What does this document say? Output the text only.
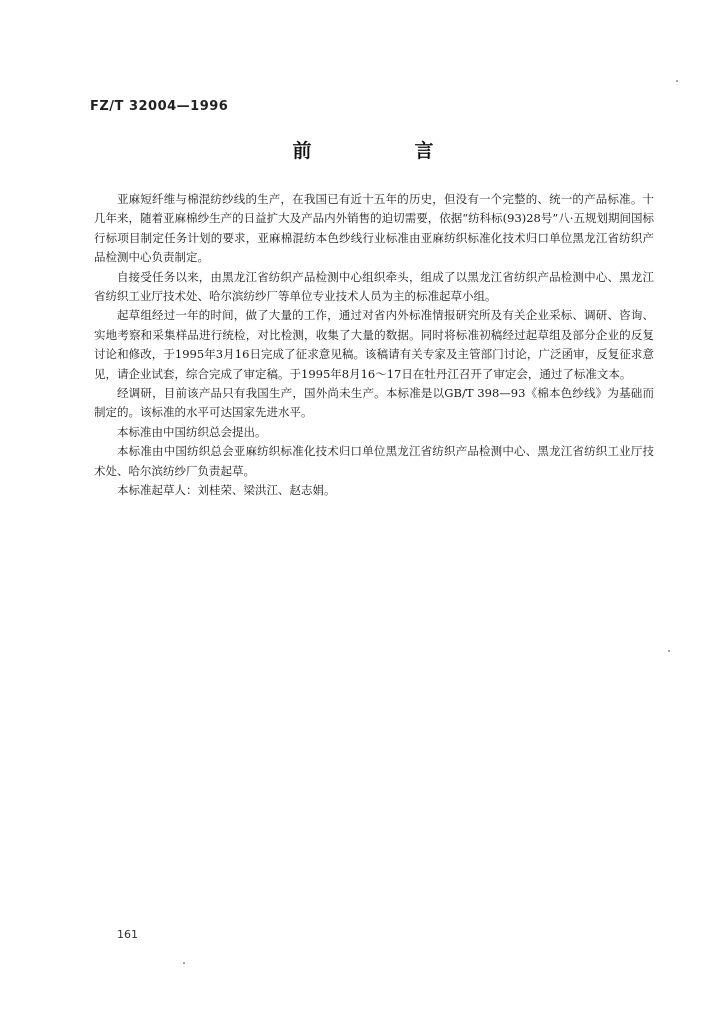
FZ/T 32004—1996
前　言

亚麻短纤维与棉混纺纱线的生产，在我国已有近十五年的历史，但没有一个完整的、统一的产品标准。十几年来，随着亚麻棉纱生产的日益扩大及产品内外销售的迫切需要，依据“纺科标(93)28号”八·五规划期间国标行标项目制定任务计划的要求，亚麻棉混纺本色纱线行业标准由亚麻纺织标准化技术归口单位黑龙江省纺织产品检测中心负责制定。

自接受任务以来，由黑龙江省纺织产品检测中心组织牵头，组成了以黑龙江省纺织产品检测中心、黑龙江省纺织工业厅技术处、哈尔滨纺纱厂等单位专业技术人员为主的标准起草小组。

起草组经过一年的时间，做了大量的工作，通过对省内外标准情报研究所及有关企业采标、调研、咨询、实地考察和采集样品进行统检，对比检测，收集了大量的数据。同时将标准初稿经过起草组及部分企业的反复讨论和修改，于1995年3月16日完成了征求意见稿。该稿请有关专家及主管部门讨论，广泛函审，反复征求意见，请企业试套，综合完成了审定稿。于1995年8月16～17日在牡丹江召开了审定会，通过了标准文本。

经调研，目前该产品只有我国生产，国外尚未生产。本标准是以GB/T 398—93《棉本色纱线》为基础而制定的。该标准的水平可达国家先进水平。

本标准由中国纺织总会提出。

本标准由中国纺织总会亚麻纺织标准化技术归口单位黑龙江省纺织产品检测中心、黑龙江省纺织工业厅技术处、哈尔滨纺纱厂负责起草。

本标准起草人：刘桂荣、梁洪江、赵志娟。

161
